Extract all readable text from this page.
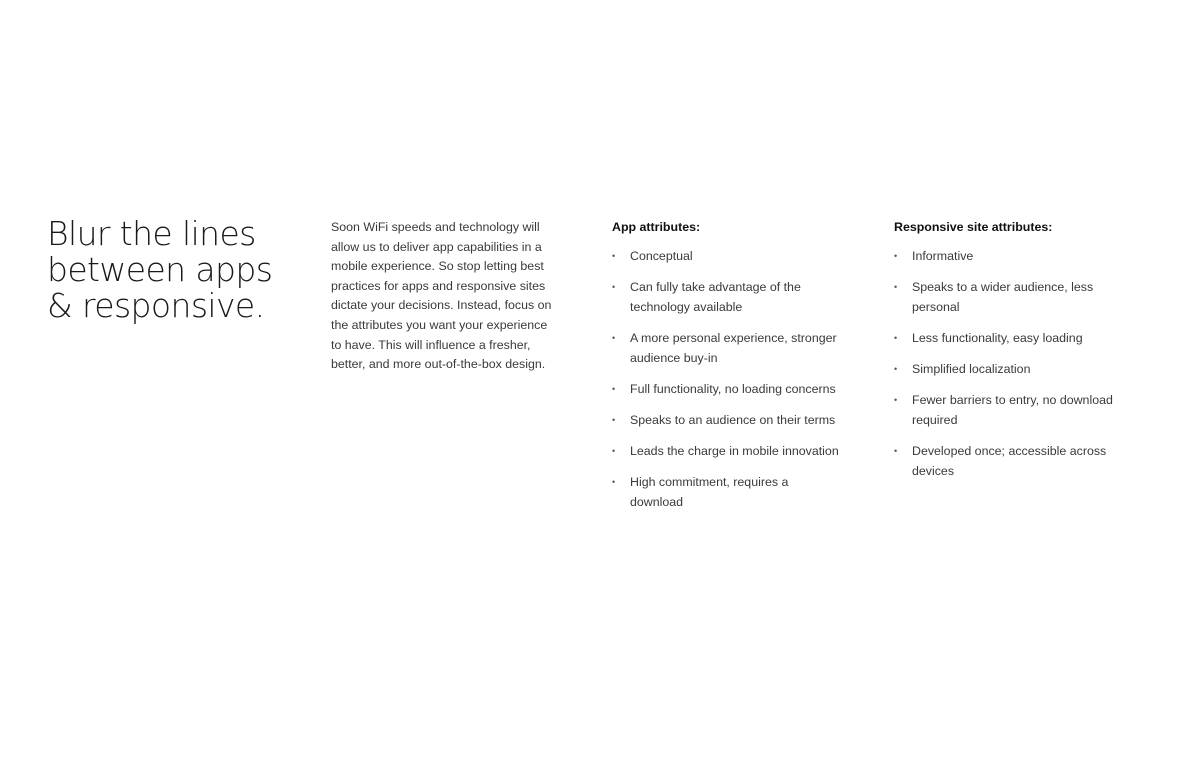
Blur the lines
between apps
& responsive.

Soon WiFi speeds and technology will allow us to deliver app capabilities in a mobile experience. So stop letting best practices for apps and responsive sites dictate your decisions. Instead, focus on the attributes you want your experience to have. This will influence a fresher, better, and more out-of-the-box design.

App attributes:
• Conceptual
• Can fully take advantage of the technology available
• A more personal experience, stronger audience buy-in
• Full functionality, no loading concerns
• Speaks to an audience on their terms
• Leads the charge in mobile innovation
• High commitment, requires a download
Responsive site attributes:
• Informative
• Speaks to a wider audience, less personal
• Less functionality, easy loading
• Simplified localization
• Fewer barriers to entry, no download required
• Developed once; accessible across devices
